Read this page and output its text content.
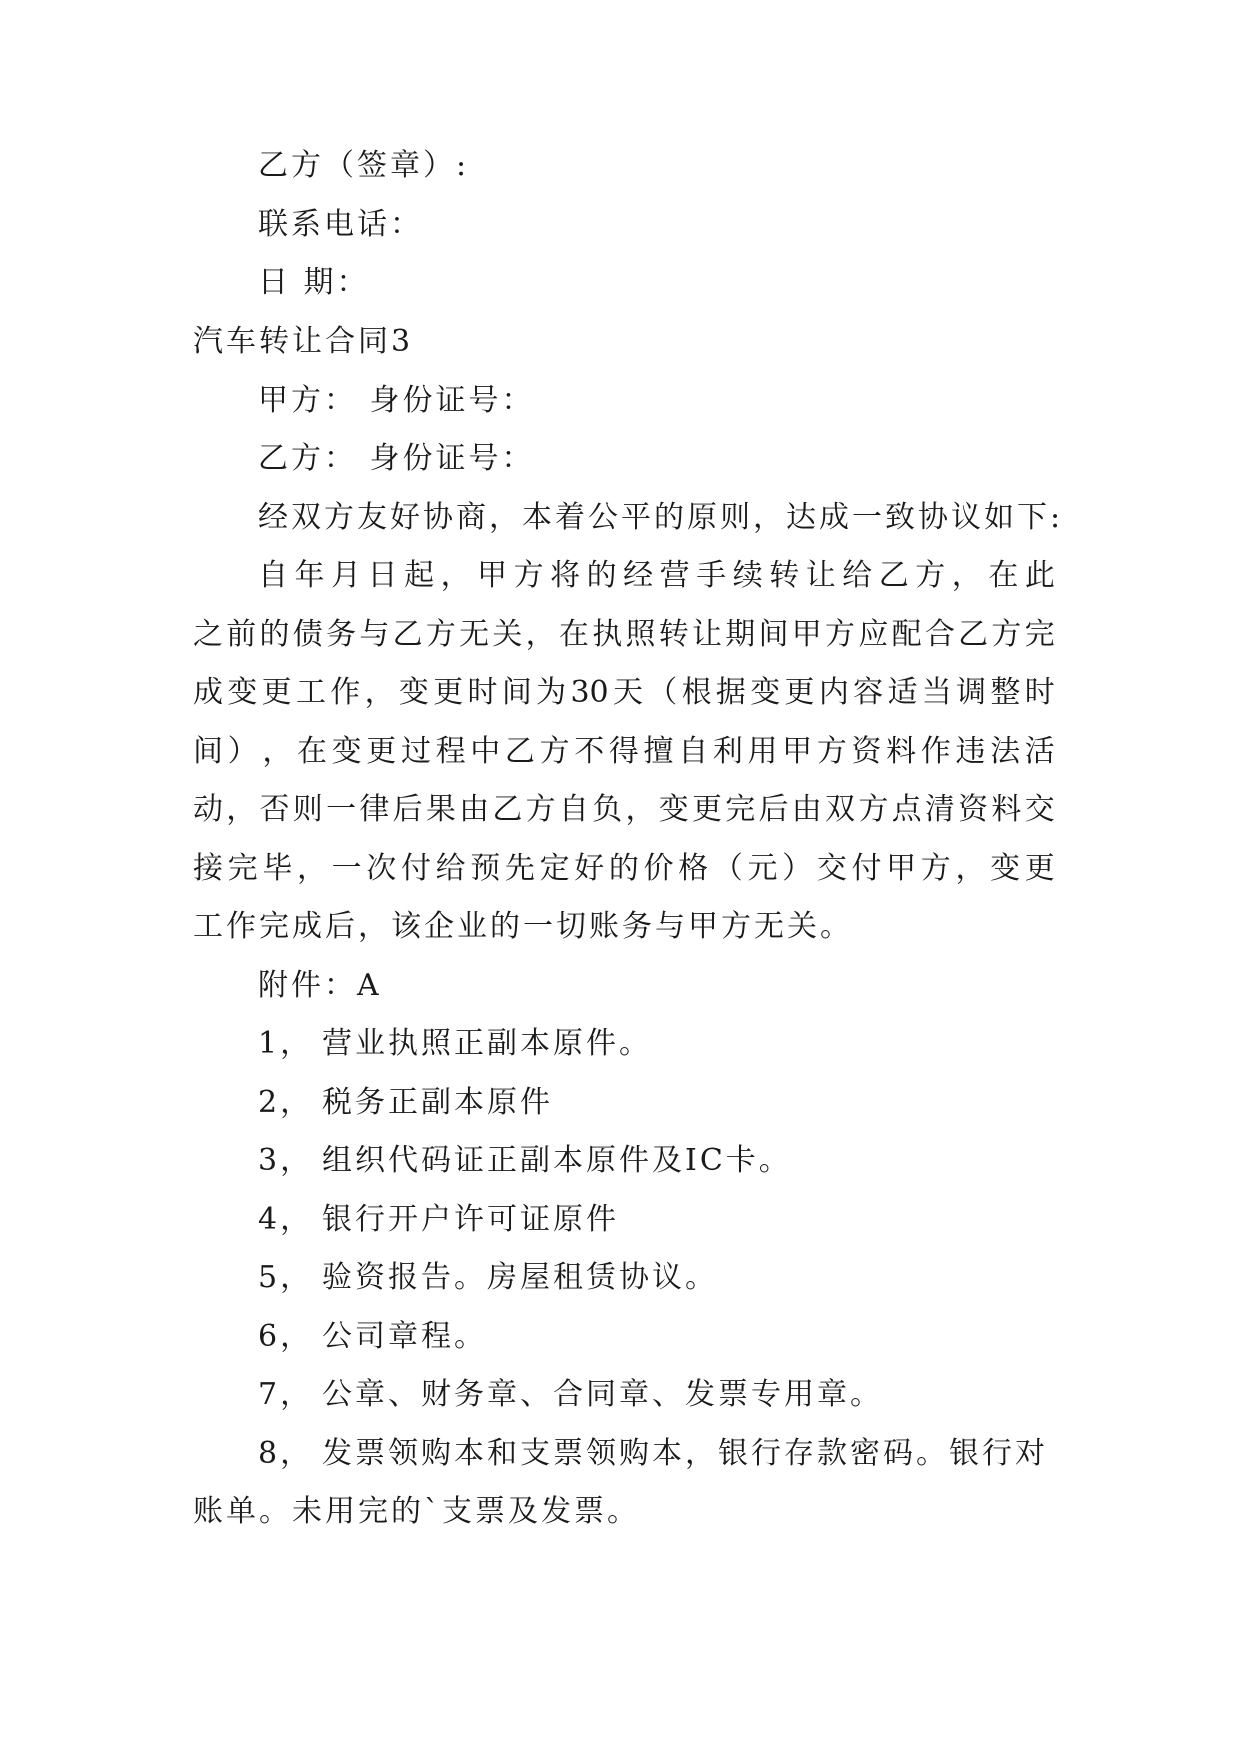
乙方（签章）:
联系电话：
日 期：
汽车转让合同3
甲方： 身份证号：
乙方： 身份证号：
经双方友好协商，本着公平的原则，达成一致协议如下:
自 年 月 日 起 ， 甲 方 将 的 经 营 手 续 转 让 给 乙 方 ， 在 此
之 前 的 债 务 与 乙 方 无 关 ， 在 执 照 转 让 期 间 甲 方 应 配 合 乙 方 完
成 变 更 工 作 ， 变 更 时 间 为 30 天 （ 根 据 变 更 内 容 适 当 调 整 时
间 ） ， 在 变 更 过 程 中 乙 方 不 得 擅 自 利 用 甲 方 资 料 作 违 法 活
动 ， 否 则 一 律 后 果 由 乙 方 自 负 ， 变 更 完 后 由 双 方 点 清 资 料 交
接 完 毕 ， 一 次 付 给 预 先 定 好 的 价 格 （ 元 ） 交 付 甲 方 ， 变 更
工作完成后，该企业的一切账务与甲方无关。
附件：A
1， 营业执照正副本原件。
2， 税务正副本原件
3， 组织代码证正副本原件及IC卡。
4， 银行开户许可证原件
5， 验资报告。房屋租赁协议。
6， 公司章程。
7， 公章、财务章、合同章、发票专用章。
8， 发票领购本和支票领购本，银行存款密码。银行对
账单。未用完的`支票及发票。
